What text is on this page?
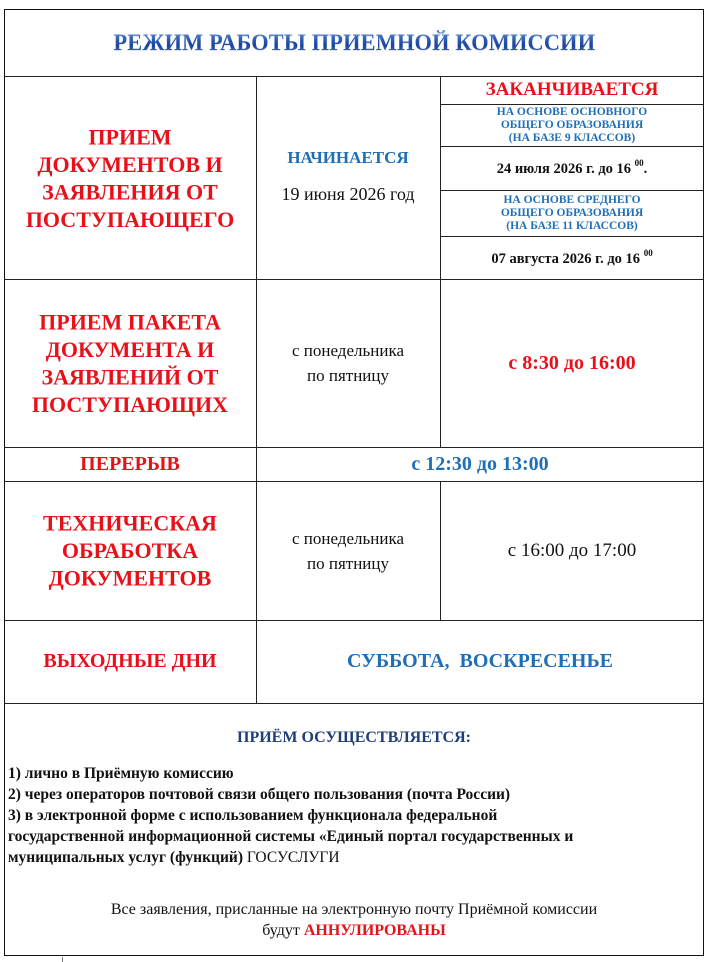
РЕЖИМ РАБОТЫ ПРИЕМНОЙ КОМИССИИ
ПРИЕМ
ДОКУМЕНТОВ И
ЗАЯВЛЕНИЯ ОТ
ПОСТУПАЮЩЕГО
НАЧИНАЕТСЯ
19 июня 2026 год
ЗАКАНЧИВАЕТСЯ
НА ОСНОВЕ ОСНОВНОГО
ОБЩЕГО ОБРАЗОВАНИЯ
(НА БАЗЕ 9 КЛАССОВ)
24 июля 2026 г. до 16 $^{00}$.
НА ОСНОВЕ СРЕДНЕГО
ОБЩЕГО ОБРАЗОВАНИЯ
(НА БАЗЕ 11 КЛАССОВ)
07 августа 2026 г. до 16 $^{00}$
ПРИЕМ ПАКЕТА
ДОКУМЕНТА И
ЗАЯВЛЕНИЙ ОТ
ПОСТУПАЮЩИХ
с понедельника
по пятницу
с 8:30 до 16:00
ПЕРЕРЫВ	с 12:30 до 13:00
ТЕХНИЧЕСКАЯ
ОБРАБОТКА
ДОКУМЕНТОВ
с понедельника
по пятницу
с 16:00 до 17:00
ВЫХОДНЫЕ ДНИ	СУББОТА,  ВОСКРЕСЕНЬЕ
ПРИЁМ ОСУЩЕСТВЛЯЕТСЯ:
1) лично в Приёмную комиссию
2) через операторов почтовой связи общего пользования (почта России)
3) в электронной форме с использованием функционала федеральной
государственной информационной системы «Единый портал государственных и
муниципальных услуг (функций) ГОСУСЛУГИ
Все заявления, присланные на электронную почту Приёмной комиссии
будут АННУЛИРОВАНЫ
